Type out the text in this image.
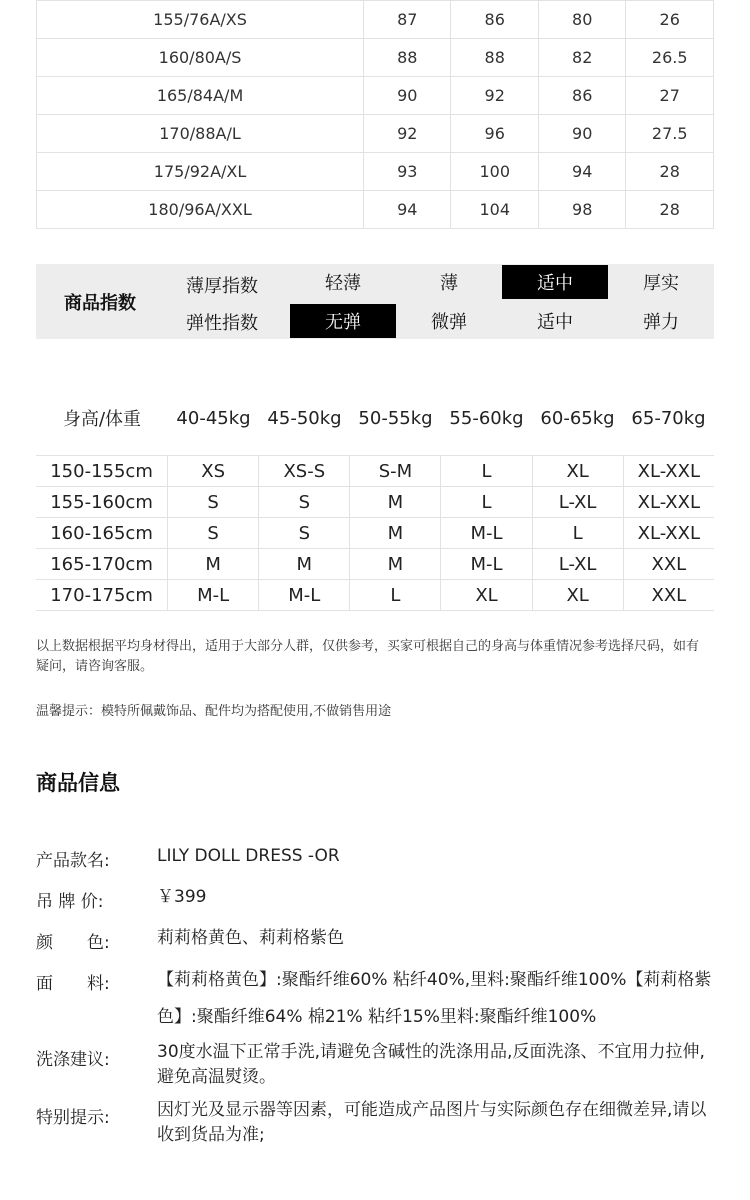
155/76A/XS	87	86	80	26
160/80A/S	88	88	82	26.5
165/84A/M	90	92	86	27
170/88A/L	92	96	90	27.5
175/92A/XL	93	100	94	28
180/96A/XXL	94	104	98	28
商品指数
薄厚指数	轻薄	薄	适中	厚实
弹性指数	无弹	微弹	适中	弹力
身高/体重	40-45kg 45-50kg 50-55kg 55-60kg 60-65kg 65-70kg
150-155cm	XS	XS-S	S-M	L	XL	XL-XXL
155-160cm	S	S	M	L	L-XL	XL-XXL
160-165cm	S	S	M	M-L	L	XL-XXL
165-170cm	M	M	M	M-L	L-XL	XXL
170-175cm	M-L	M-L	L	XL	XL	XXL
以上数据根据平均身材得出，适用于大部分人群，仅供参考，买家可根据自己的身高与体重情况参考选择尺码，如有疑问，请咨询客服。
温馨提示：模特所佩戴饰品、配件均为搭配使用,不做销售用途
商品信息
产品款名:	LILY DOLL DRESS -OR
吊 牌 价:	￥399
颜　　色:	莉莉格黄色、莉莉格紫色
面　　料:	【莉莉格黄色】:聚酯纤维60% 粘纤40%,里料:聚酯纤维100%【莉莉格紫色】:聚酯纤维64% 棉21% 粘纤15%里料:聚酯纤维100%
洗涤建议:	30度水温下正常手洗,请避免含碱性的洗涤用品,反面洗涤、不宜用力拉伸,避免高温熨烫。
特别提示:	因灯光及显示器等因素，可能造成产品图片与实际颜色存在细微差异,请以收到货品为准;
